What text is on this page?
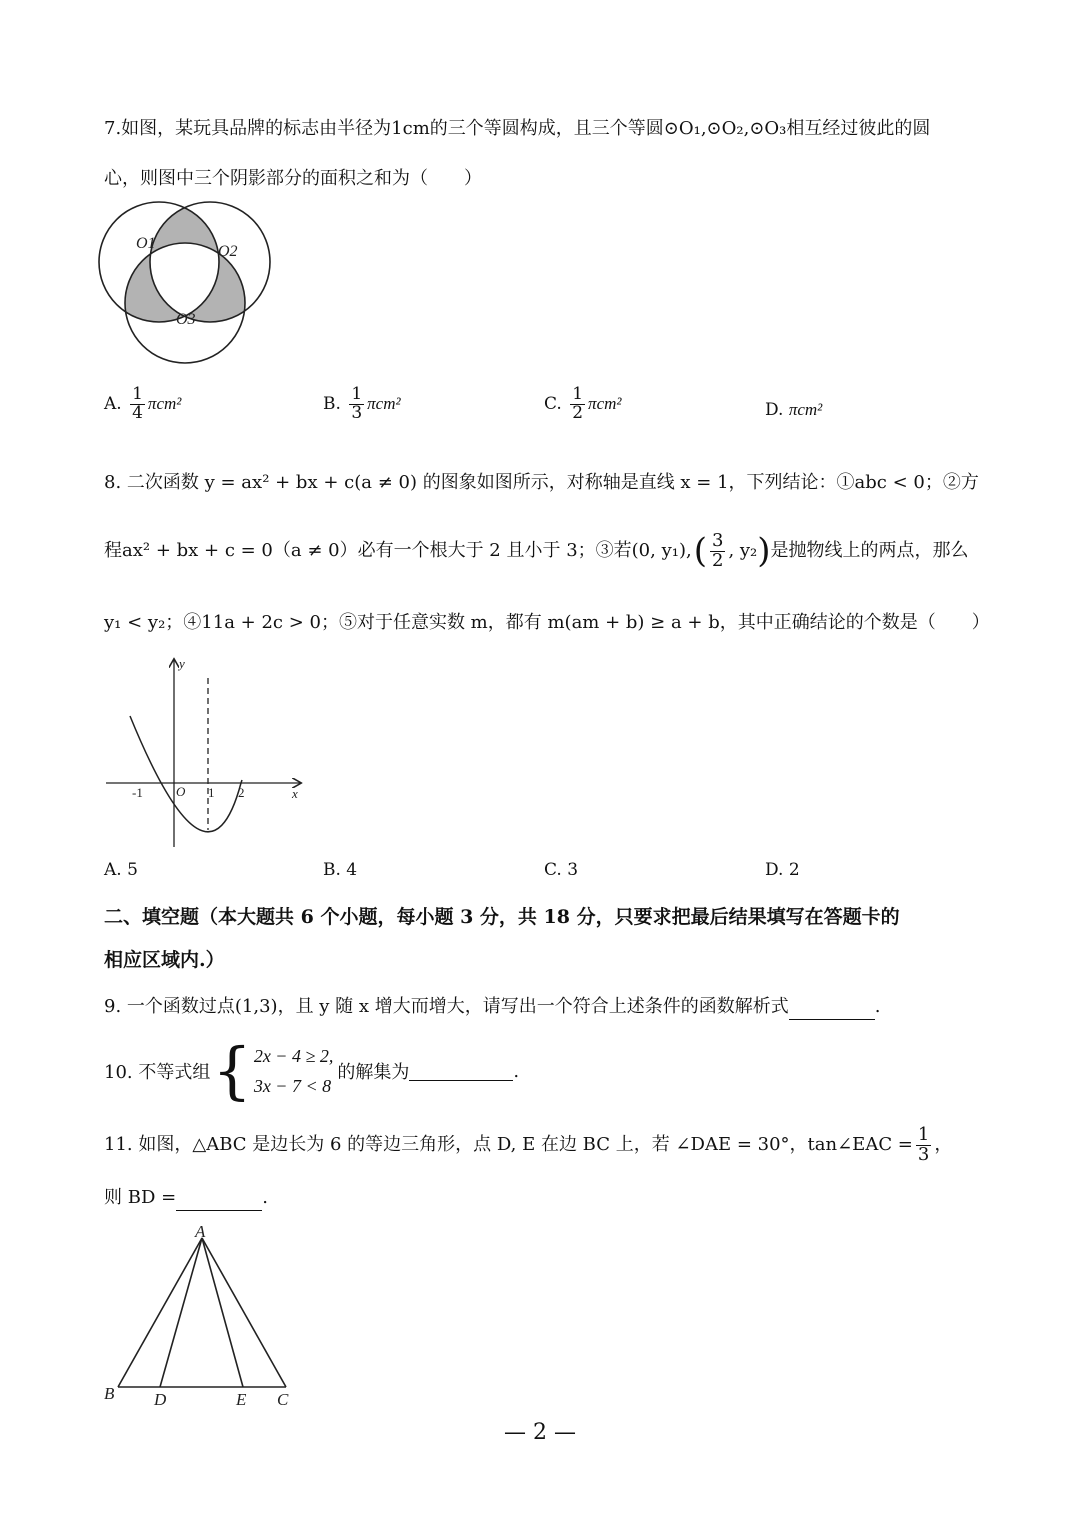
7.如图，某玩具品牌的标志由半径为1cm的三个等圆构成，且三个等圆⊙O₁,⊙O₂,⊙O₃相互经过彼此的圆
心，则图中三个阴影部分的面积之和为（　　）
O1	O2
O3
A. $\frac{1}{4} \pi cm^2$	B. $\frac{1}{3} \pi cm^2$	C. $\frac{1}{2} \pi cm^2$	D. πcm²
8. 二次函数 y = ax² + bx + c(a ≠ 0) 的图象如图所示，对称轴是直线 x = 1，下列结论：①abc < 0；②方
程ax² + bx + c = 0（a ≠ 0）必有一个根大于 2 且小于 3；③若(0, y₁), ( $\frac{3}{2}$ , y₂ ) 是抛物线上的两点，那么
y₁ < y₂；④11a + 2c > 0；⑤对于任意实数 m，都有 m(am + b) ≥ a + b，其中正确结论的个数是（　　）
y
x
O
-1	1 2
A. 5	B. 4	C. 3	D. 2
二、填空题（本大题共 6 个小题，每小题 3 分，共 18 分，只要求把最后结果填写在答题卡的
相应区域内.）
9. 一个函数过点(1,3)，且 y 随 x 增大而增大，请写出一个符合上述条件的函数解析式	.
10. 不等式组 { 2x − 4 ≥ 2,
3x − 7 < 8
的解集为	.
11. 如图，△ABC 是边长为 6 的等边三角形，点 D, E 在边 BC 上，若 ∠DAE = 30°，tan∠EAC = $\frac{1}{3}$ ，
则 BD =	.
A
B D	E C
— 2 —
